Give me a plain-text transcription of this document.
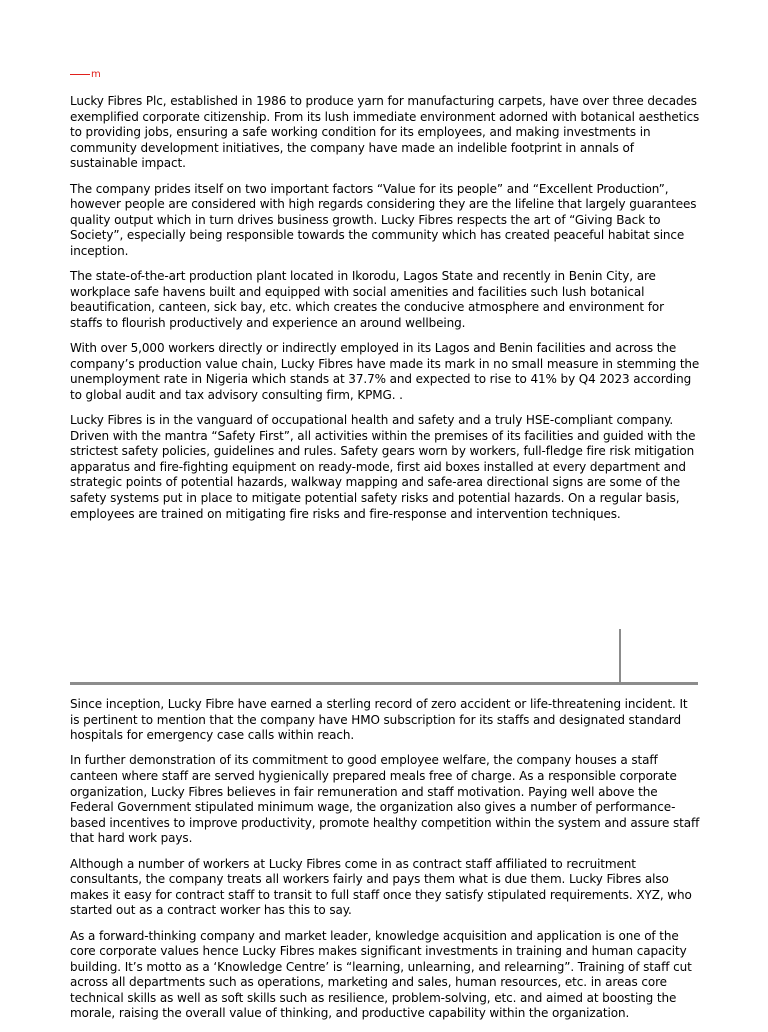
m

Lucky Fibres Plc, established in 1986 to produce yarn for manufacturing carpets, have over three decades exemplified corporate citizenship. From its lush immediate environment adorned with botanical aesthetics to providing jobs, ensuring a safe working condition for its employees, and making investments in community development initiatives, the company have made an indelible footprint in annals of sustainable impact.

The company prides itself on two important factors “Value for its people” and “Excellent Production”, however people are considered with high regards considering they are the lifeline that largely guarantees quality output which in turn drives business growth. Lucky Fibres respects the art of “Giving Back to Society”, especially being responsible towards the community which has created peaceful habitat since inception.

The state-of-the-art production plant located in Ikorodu, Lagos State and recently in Benin City, are workplace safe havens built and equipped with social amenities and facilities such lush botanical beautification, canteen, sick bay, etc. which creates the conducive atmosphere and environment for staffs to flourish productively and experience an around wellbeing.

With over 5,000 workers directly or indirectly employed in its Lagos and Benin facilities and across the company’s production value chain, Lucky Fibres have made its mark in no small measure in stemming the unemployment rate in Nigeria which stands at 37.7% and expected to rise to 41% by Q4 2023 according to global audit and tax advisory consulting firm, KPMG. .

Lucky Fibres is in the vanguard of occupational health and safety and a truly HSE-compliant company. Driven with the mantra “Safety First”, all activities within the premises of its facilities and guided with the strictest safety policies, guidelines and rules. Safety gears worn by workers, full-fledge fire risk mitigation apparatus and fire-fighting equipment on ready-mode, first aid boxes installed at every department and strategic points of potential hazards, walkway mapping and safe-area directional signs are some of the safety systems put in place to mitigate potential safety risks and potential hazards. On a regular basis, employees are trained on mitigating fire risks and fire-response and intervention techniques.

Since inception, Lucky Fibre have earned a sterling record of zero accident or life-threatening incident. It is pertinent to mention that the company have HMO subscription for its staffs and designated standard hospitals for emergency case calls within reach.

In further demonstration of its commitment to good employee welfare, the company houses a staff canteen where staff are served hygienically prepared meals free of charge. As a responsible corporate organization, Lucky Fibres believes in fair remuneration and staff motivation. Paying well above the Federal Government stipulated minimum wage, the organization also gives a number of performance-based incentives to improve productivity, promote healthy competition within the system and assure staff that hard work pays.

Although a number of workers at Lucky Fibres come in as contract staff affiliated to recruitment consultants, the company treats all workers fairly and pays them what is due them. Lucky Fibres also makes it easy for contract staff to transit to full staff once they satisfy stipulated requirements. XYZ, who started out as a contract worker has this to say.

As a forward-thinking company and market leader, knowledge acquisition and application is one of the core corporate values hence Lucky Fibres makes significant investments in training and human capacity building. It’s motto as a ‘Knowledge Centre’ is “learning, unlearning, and relearning”. Training of staff cut across all departments such as operations, marketing and sales, human resources, etc. in areas core technical skills as well as soft skills such as resilience, problem-solving, etc. and aimed at boosting the morale, raising the overall value of thinking, and productive capability within the organization.
